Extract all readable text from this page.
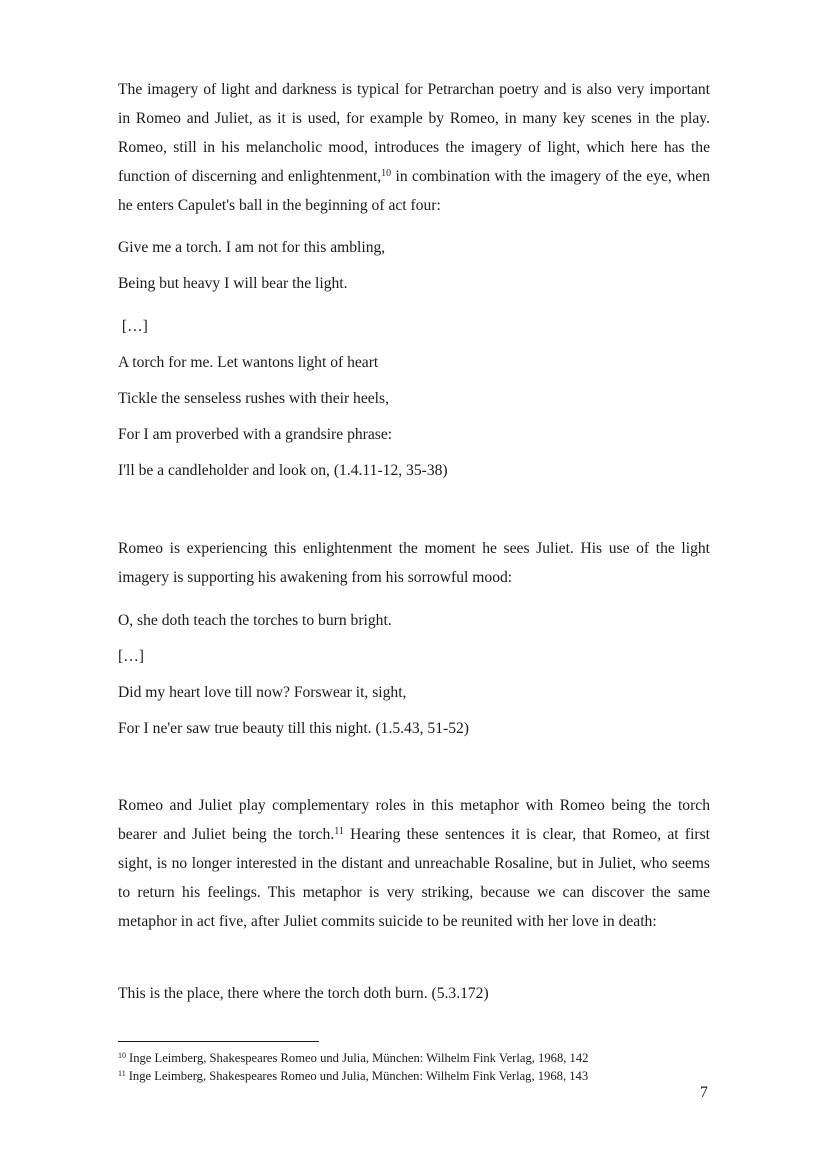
The imagery of light and darkness is typical for Petrarchan poetry and is also very important in Romeo and Juliet, as it is used, for example by Romeo, in many key scenes in the play. Romeo, still in his melancholic mood, introduces the imagery of light, which here has the function of discerning and enlightenment,$^{10}$ in combination with the imagery of the eye, when he enters Capulet's ball in the beginning of act four:

Give me a torch. I am not for this ambling,

Being but heavy I will bear the light.

[…]

A torch for me. Let wantons light of heart

Tickle the senseless rushes with their heels,

For I am proverbed with a grandsire phrase:

I'll be a candleholder and look on, (1.4.11-12, 35-38)

Romeo is experiencing this enlightenment the moment he sees Juliet. His use of the light imagery is supporting his awakening from his sorrowful mood:

O, she doth teach the torches to burn bright.

[…]

Did my heart love till now? Forswear it, sight,

For I ne'er saw true beauty till this night. (1.5.43, 51-52)

Romeo and Juliet play complementary roles in this metaphor with Romeo being the torch bearer and Juliet being the torch.$^{11}$ Hearing these sentences it is clear, that Romeo, at first sight, is no longer interested in the distant and unreachable Rosaline, but in Juliet, who seems to return his feelings. This metaphor is very striking, because we can discover the same metaphor in act five, after Juliet commits suicide to be reunited with her love in death:

This is the place, there where the torch doth burn. (5.3.172)

$^{10}$ Inge Leimberg, Shakespeares Romeo und Julia, München: Wilhelm Fink Verlag, 1968, 142

$^{11}$ Inge Leimberg, Shakespeares Romeo und Julia, München: Wilhelm Fink Verlag, 1968, 143

7
